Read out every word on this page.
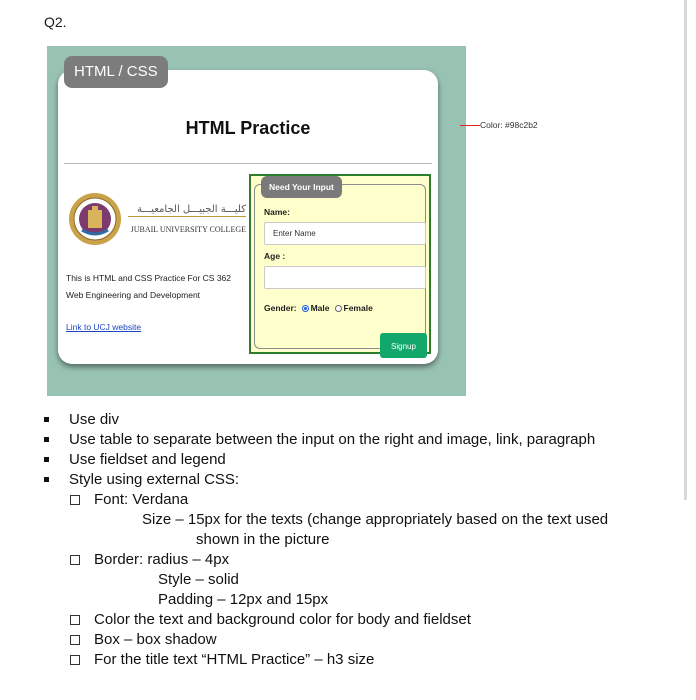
Q2.
HTML Practice
كليـــة الجبيـــل الجامعيـــة
JUBAIL UNIVERSITY COLLEGE
This is HTML and CSS Practice For CS 362 Web Engineering and Development
Link to UCJ website
Name:
Enter Name
Age :
Gender: Male Female
Signup
Need Your Input
HTML / CSS
Color: #98c2b2
Use div
Use table to separate between the input on the right and image, link, paragraph
Use fieldset and legend
Style using external CSS:
Font: Verdana
Size – 15px for the texts (change appropriately based on the text used
shown in the picture
Border: radius – 4px
Style – solid
Padding – 12px and 15px
Color the text and background color for body and fieldset
Box – box shadow
For the title text “HTML Practice” – h3 size
